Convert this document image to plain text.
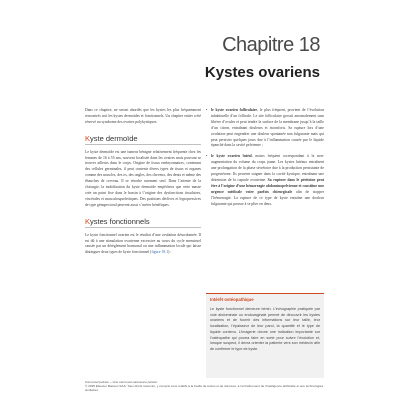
Chapitre 18
Kystes ovariens

Dans ce chapitre, ne seront abordés que les kystes les plus fréquemment rencontrés soit les kystes dermoïdes et fonctionnels. Un chapitre entier a été réservé au syndrome des ovaires polykystiques.

Kyste dermoïde

Le kyste dermoïde est une tumeur bénigne relativement fréquente chez les femmes de 16 à 55 ans, souvent localisée dans les ovaires mais pouvant se trouver ailleurs dans le corps. Origine de tissus embryonnaires, contenant des cellules germinales, il peut contenir divers types de tissus et organes comme des muscles, des os, des ongles, des cheveux, des dents et même des ébauches de cerveau. Il se résorbe rarement seul. Dans l’attente de la chirurgie, la mobilisation du kyste dermoïde empêchera que cette masse crée un point fixe dans le bassin à l’origine des dysfonctions tissulaires, viscérales et musculosquelettiques. Des positions déclives et hypopressives de type génupectoral peuvent aussi s’avérer bénéfiques.

Kystes fonctionnels

Le kyste fonctionnel ovarien est le résultat d’une ovulation désordonnée. Il est dû à une stimulation ovarienne excessive au cours du cycle menstruel causée par un dérèglement hormonal ou une inflammation locale qui laisse distinguer deux types de kyste fonctionnel (figure 18.1) :

• le kyste ovarien folliculaire, le plus fréquent, provient de l’évolution inhabituelle d’un follicule. Le site folliculaire grossit anormalement sans libérer d’ovules et peut tendre la surface de la membrane jusqu’à la taille d’un citron, entraînant douleurs et inconforts. Sa rupture lors d’une ovulation peut engendrer une douleur spontanée non fulgurante mais qui peut persister quelques jours due à l’inflammation causée par le liquide épanché dans la cavité pelvienne ;
• le kyste ovarien lutéal, moins fréquent correspondant à la non-augmentation du volume du corps jaune. Les kystes lutéaux entraînent une prolongation de la phase sécrétoire due à la production persistante de progestérone. Ils peuvent saigner dans la cavité kystique, entraînant une distension de la capsule ovarienne. Sa rupture dans le péritoine peut être à l’origine d’une hémorragie abdominopelvienne et constitue une urgence médicale voire parfois chirurgicale afin de stopper l’hémorragie. La rupture de ce type de kyste entraîne une douleur fulgurante qui pousse à se plier en deux.
Intérêt ostéopathique
Le kyste fonctionnel demeure bénin. L’échographie pratiquée par voie abdominale ou endovaginale permet de découvrir les kystes ovariens et de fournir des informations sur leur taille, leur localisation, l’épaisseur de leur paroi, la quantité et le type de liquide contenu. L’imagerie donne une indication importante sur l’ostéopathe qui pourra faire en sorte pour suivre l’évolution et, lorsque suspect, il devra orienter la patiente vers son médecin afin de confirmer le type de kyste.
Carrousel pelvien – Une carrousel-naissance pelvien
© 2025 Elsevier Masson SAS. Tous droits réservés, y compris ceux relatifs à la fouille de textes et de données, à l’entraînement de l’intelligence artificielle et aux technologies similaires.
